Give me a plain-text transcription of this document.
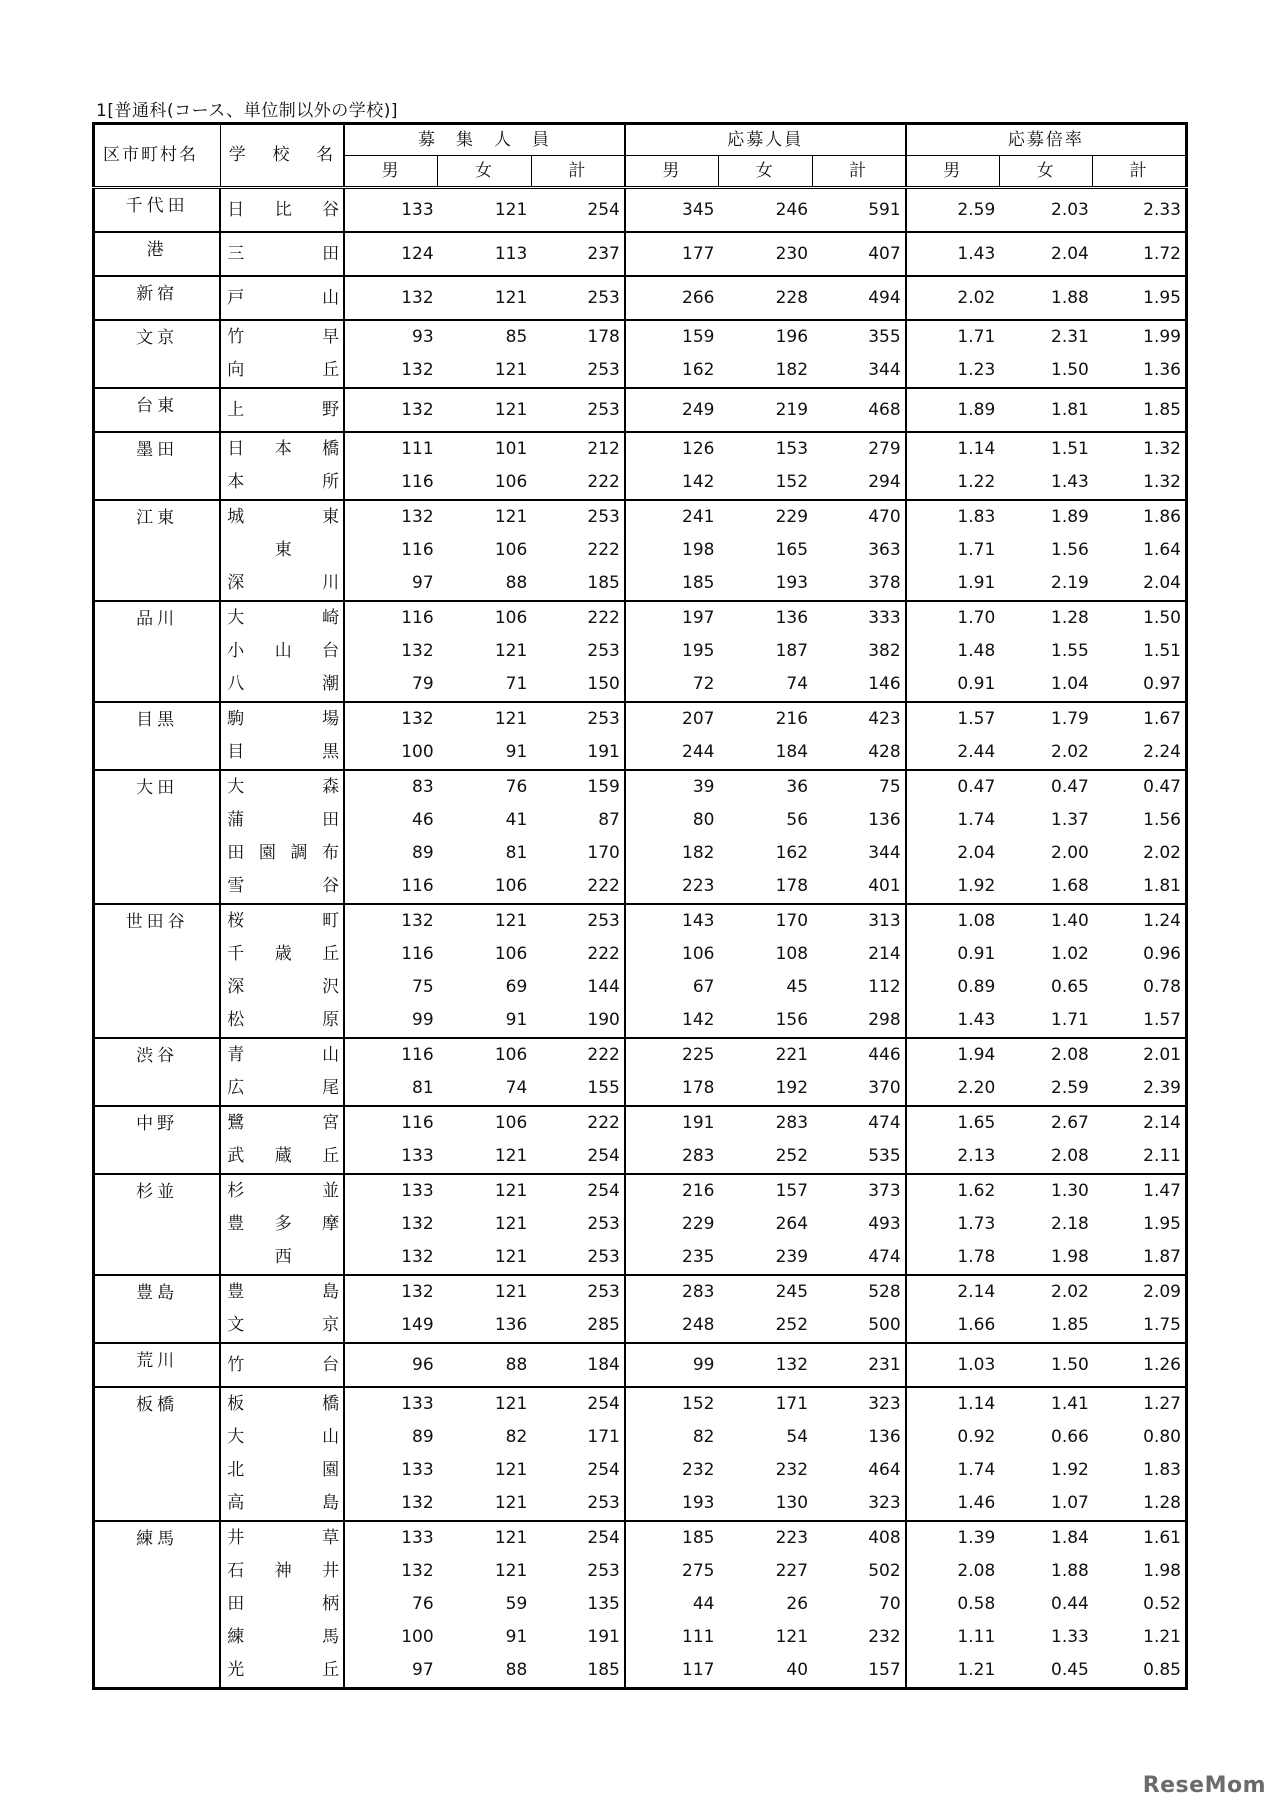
1[普通科(コース、単位制以外の学校)]
区市町村名	学 校 名	募　集　人　員			応募人員			応募倍率		
		男	女	計	男	女	計	男	女	計
千代田	日 比 谷	133	121	254	345	246	591	2.59	2.03	2.33
港	三 田	124	113	237	177	230	407	1.43	2.04	1.72
新宿	戸 山	132	121	253	266	228	494	2.02	1.88	1.95
文京	竹 早	93	85	178	159	196	355	1.71	2.31	1.99

	向 丘	132	121	253	162	182	344	1.23	1.50	1.36
台東	上 野	132	121	253	249	219	468	1.89	1.81	1.85
墨田	日 本 橋	111	101	212	126	153	279	1.14	1.51	1.32

	本 所	116	106	222	142	152	294	1.22	1.43	1.32
江東	城 東	132	121	253	241	229	470	1.83	1.89	1.86

	東	116	106	222	198	165	363	1.71	1.56	1.64

	深 川	97	88	185	185	193	378	1.91	2.19	2.04
品川	大 崎	116	106	222	197	136	333	1.70	1.28	1.50

	小 山 台	132	121	253	195	187	382	1.48	1.55	1.51

	八 潮	79	71	150	72	74	146	0.91	1.04	0.97
目黒	駒 場	132	121	253	207	216	423	1.57	1.79	1.67

	目 黒	100	91	191	244	184	428	2.44	2.02	2.24
大田	大 森	83	76	159	39	36	75	0.47	0.47	0.47

	蒲 田	46	41	87	80	56	136	1.74	1.37	1.56

	田 園 調 布	89	81	170	182	162	344	2.04	2.00	2.02

	雪 谷	116	106	222	223	178	401	1.92	1.68	1.81
世田谷	桜 町	132	121	253	143	170	313	1.08	1.40	1.24

	千 歳 丘	116	106	222	106	108	214	0.91	1.02	0.96

	深 沢	75	69	144	67	45	112	0.89	0.65	0.78

	松 原	99	91	190	142	156	298	1.43	1.71	1.57
渋谷	青 山	116	106	222	225	221	446	1.94	2.08	2.01

	広 尾	81	74	155	178	192	370	2.20	2.59	2.39
中野	鷺 宮	116	106	222	191	283	474	1.65	2.67	2.14

	武 蔵 丘	133	121	254	283	252	535	2.13	2.08	2.11
杉並	杉 並	133	121	254	216	157	373	1.62	1.30	1.47

	豊 多 摩	132	121	253	229	264	493	1.73	2.18	1.95

	西	132	121	253	235	239	474	1.78	1.98	1.87
豊島	豊 島	132	121	253	283	245	528	2.14	2.02	2.09

	文 京	149	136	285	248	252	500	1.66	1.85	1.75
荒川	竹 台	96	88	184	99	132	231	1.03	1.50	1.26
板橋	板 橋	133	121	254	152	171	323	1.14	1.41	1.27

	大 山	89	82	171	82	54	136	0.92	0.66	0.80

	北 園	133	121	254	232	232	464	1.74	1.92	1.83

	高 島	132	121	253	193	130	323	1.46	1.07	1.28
練馬	井 草	133	121	254	185	223	408	1.39	1.84	1.61

	石 神 井	132	121	253	275	227	502	2.08	1.88	1.98

	田 柄	76	59	135	44	26	70	0.58	0.44	0.52

	練 馬	100	91	191	111	121	232	1.11	1.33	1.21

	光 丘	97	88	185	117	40	157	1.21	0.45	0.85
ReseMom
